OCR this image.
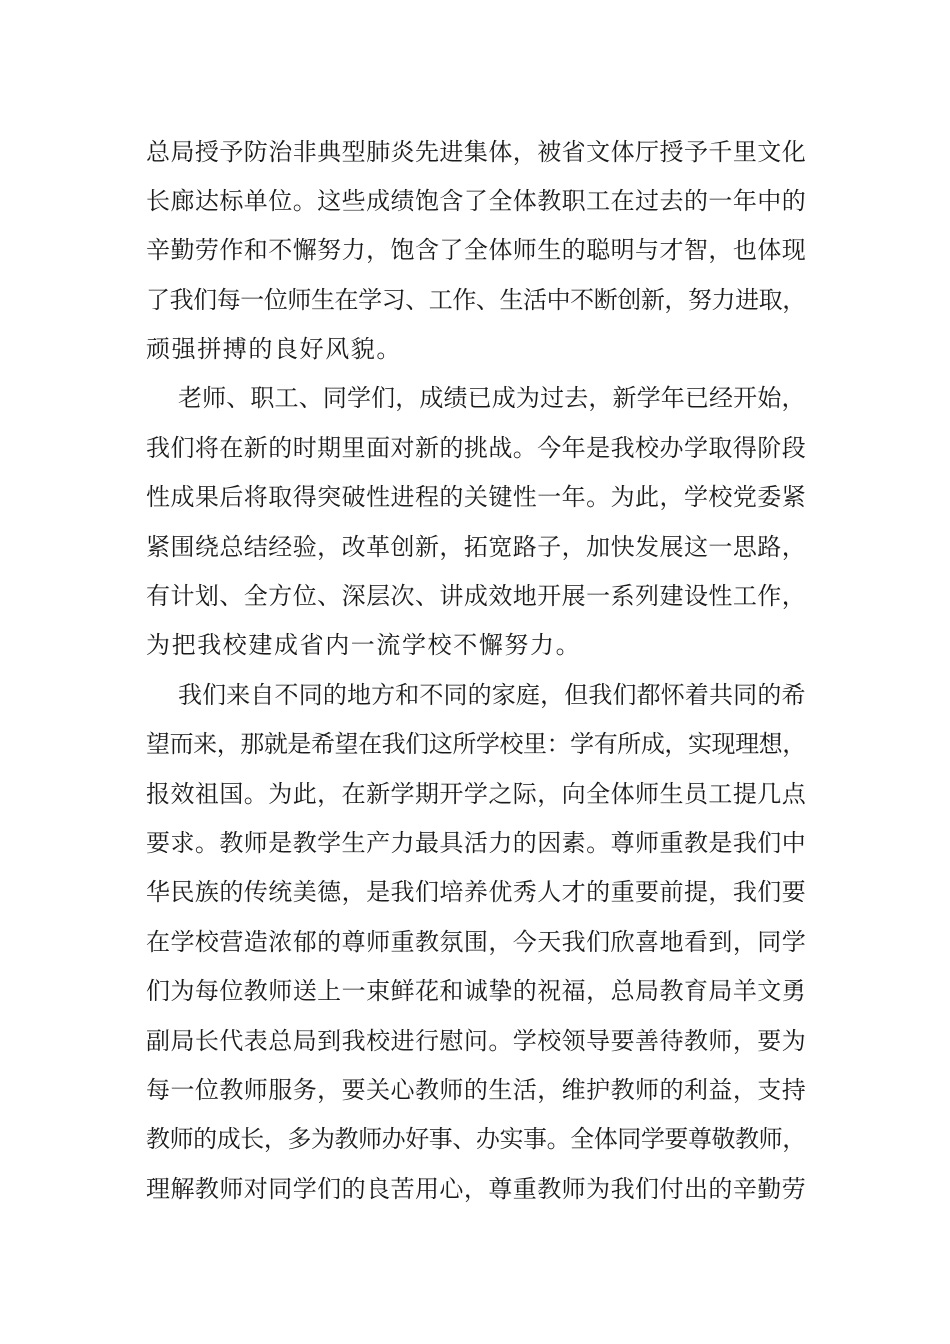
总局授予防治非典型肺炎先进集体，被省文体厅授予千里文化
长廊达标单位。这些成绩饱含了全体教职工在过去的一年中的
辛勤劳作和不懈努力，饱含了全体师生的聪明与才智，也体现
了我们每一位师生在学习、工作、生活中不断创新，努力进取，
顽强拼搏的良好风貌。
老师、职工、同学们，成绩已成为过去，新学年已经开始，
我们将在新的时期里面对新的挑战。今年是我校办学取得阶段
性成果后将取得突破性进程的关键性一年。为此，学校党委紧
紧围绕总结经验，改革创新，拓宽路子，加快发展这一思路，
有计划、全方位、深层次、讲成效地开展一系列建设性工作，
为把我校建成省内一流学校不懈努力。
我们来自不同的地方和不同的家庭，但我们都怀着共同的希
望而来，那就是希望在我们这所学校里：学有所成，实现理想，
报效祖国。为此，在新学期开学之际，向全体师生员工提几点
要求。教师是教学生产力最具活力的因素。尊师重教是我们中
华民族的传统美德，是我们培养优秀人才的重要前提，我们要
在学校营造浓郁的尊师重教氛围，今天我们欣喜地看到，同学
们为每位教师送上一束鲜花和诚挚的祝福，总局教育局羊文勇
副局长代表总局到我校进行慰问。学校领导要善待教师，要为
每一位教师服务，要关心教师的生活，维护教师的利益，支持
教师的成长，多为教师办好事、办实事。全体同学要尊敬教师，
理解教师对同学们的良苦用心，尊重教师为我们付出的辛勤劳
